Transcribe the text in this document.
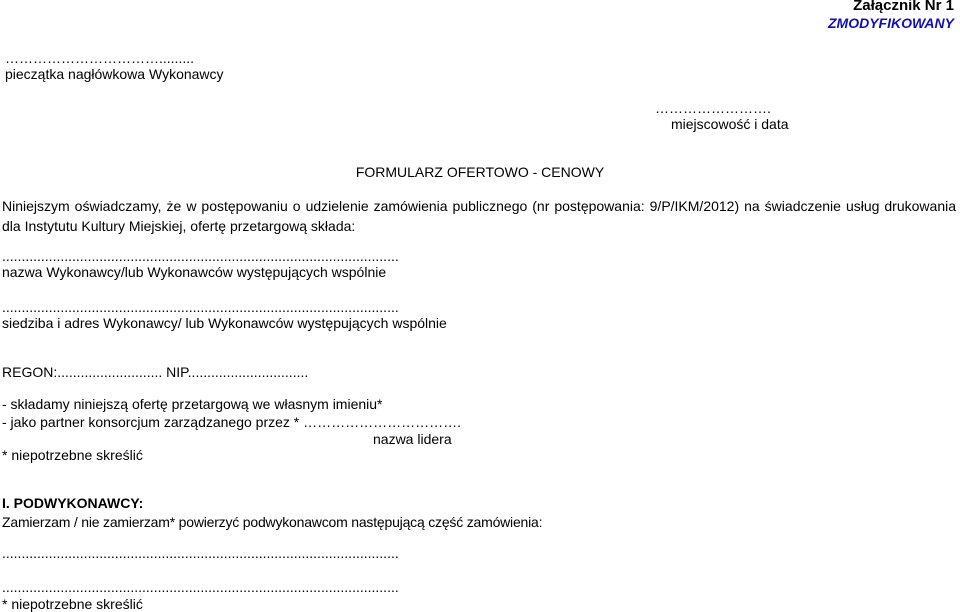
Załącznik Nr 1
ZMODYFIKOWANY
…………………………….........
pieczątka nagłówkowa Wykonawcy
…………………….
miejscowość i data
FORMULARZ OFERTOWO - CENOWY
Niniejszym oświadczamy, że w postępowaniu o udzielenie zamówienia publicznego (nr postępowania: 9/P/IKM/2012) na świadczenie usług drukowania dla Instytutu Kultury Miejskiej, ofertę przetargową składa:
......................................................................................................
nazwa Wykonawcy/lub Wykonawców występujących wspólnie
......................................................................................................
siedziba i adres Wykonawcy/ lub Wykonawców występujących wspólnie
REGON:........................... NIP...............................
- składamy niniejszą ofertę przetargową we własnym imieniu*
- jako partner konsorcjum zarządzanego przez * …………………………….
nazwa lidera
* niepotrzebne skreślić
I. PODWYKONAWCY:
Zamierzam / nie zamierzam* powierzyć podwykonawcom następującą część zamówienia:
......................................................................................................
......................................................................................................
* niepotrzebne skreślić
